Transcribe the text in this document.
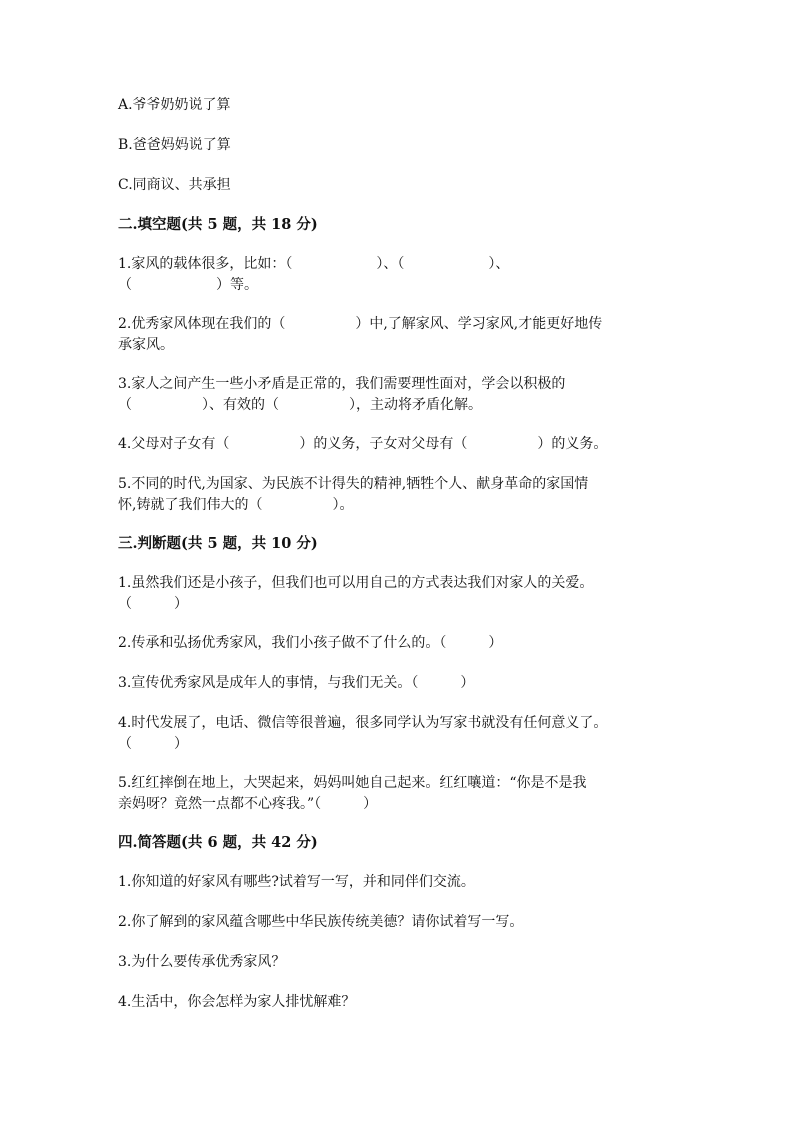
A.爷爷奶奶说了算
B.爸爸妈妈说了算
C.同商议、共承担
二.填空题(共 5 题，共 18 分)
1.家风的载体很多，比如：（　　　　　　）、（　　　　　　）、
（　　　　　　）等。
2.优秀家风体现在我们的（　　　　　）中,了解家风、学习家风,才能更好地传
承家风。
3.家人之间产生一些小矛盾是正常的，我们需要理性面对，学会以积极的
（　　　　　）、有效的（　　　　　），主动将矛盾化解。
4.父母对子女有（　　　　　）的义务，子女对父母有（　　　　　）的义务。
5.不同的时代,为国家、为民族不计得失的精神,牺牲个人、献身革命的家国情
怀,铸就了我们伟大的（　　　　　）。
三.判断题(共 5 题，共 10 分)
1.虽然我们还是小孩子，但我们也可以用自己的方式表达我们对家人的关爱。
（　　　）
2.传承和弘扬优秀家风，我们小孩子做不了什么的。（　　　）
3.宣传优秀家风是成年人的事情，与我们无关。（　　　）
4.时代发展了，电话、微信等很普遍，很多同学认为写家书就没有任何意义了。
（　　　）
5.红红摔倒在地上，大哭起来，妈妈叫她自己起来。红红嚷道：“你是不是我
亲妈呀？竟然一点都不心疼我。”（　　　）
四.简答题(共 6 题，共 42 分)
1.你知道的好家风有哪些?试着写一写，并和同伴们交流。
2.你了解到的家风蕴含哪些中华民族传统美德？请你试着写一写。
3.为什么要传承优秀家风？
4.生活中，你会怎样为家人排忧解难？
